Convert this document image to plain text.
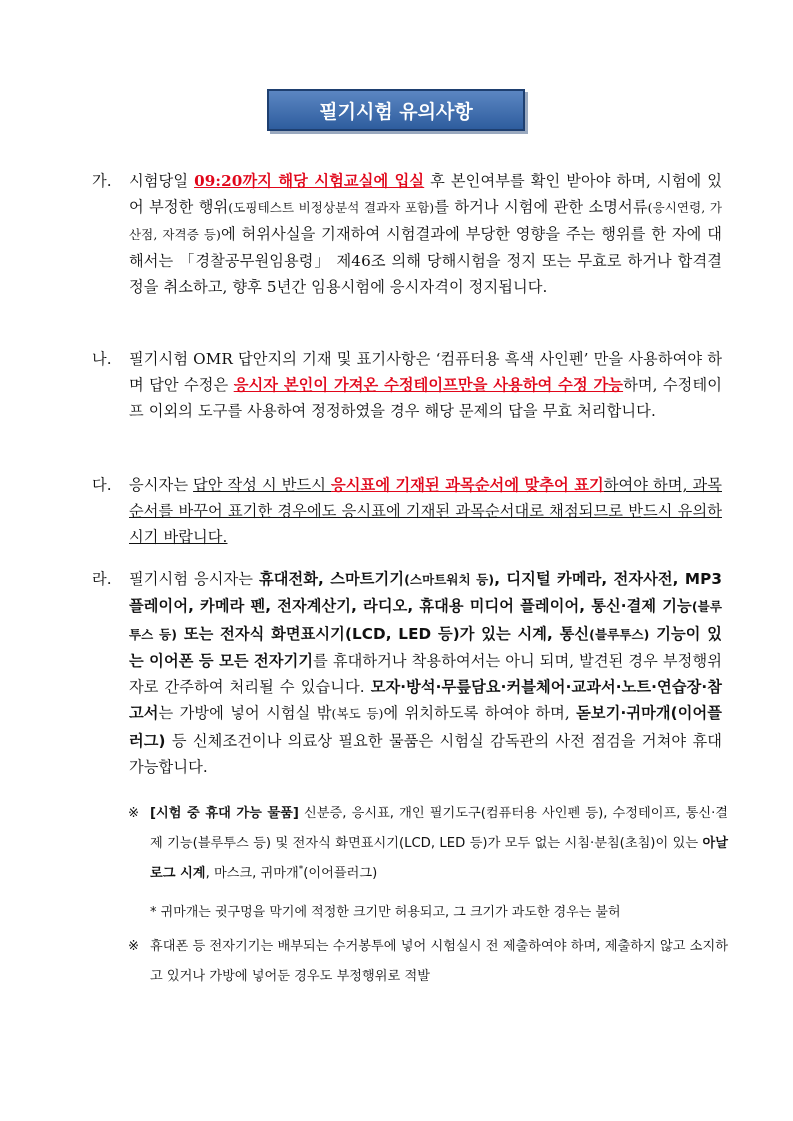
필기시험 유의사항
가. 시험당일 09:20까지 해당 시험교실에 입실 후 본인여부를 확인 받아야 하며, 시험에 있어 부정한 행위(도핑테스트 비정상분석 결과자 포함)를 하거나 시험에 관한 소명서류(응시연령, 가산점, 자격증 등)에 허위사실을 기재하여 시험결과에 부당한 영향을 주는 행위를 한 자에 대해서는 「경찰공무원임용령」 제46조 의해 당해시험을 정지 또는 무효로 하거나 합격결정을 취소하고, 향후 5년간 임용시험에 응시자격이 정지됩니다.
나. 필기시험 OMR 답안지의 기재 및 표기사항은 ‘컴퓨터용 흑색 사인펜’ 만을 사용하여야 하며 답안 수정은 응시자 본인이 가져온 수정테이프만을 사용하여 수정 가능하며, 수정테이프 이외의 도구를 사용하여 정정하였을 경우 해당 문제의 답을 무효 처리합니다.
다. 응시자는 답안 작성 시 반드시 응시표에 기재된 과목순서에 맞추어 표기하여야 하며, 과목순서를 바꾸어 표기한 경우에도 응시표에 기재된 과목순서대로 채점되므로 반드시 유의하시기 바랍니다.
라. 필기시험 응시자는 휴대전화, 스마트기기(스마트워치 등), 디지털 카메라, 전자사전, MP3플레이어, 카메라 펜, 전자계산기, 라디오, 휴대용 미디어 플레이어, 통신·결제 기능(블루투스 등) 또는 전자식 화면표시기(LCD, LED 등)가 있는 시계, 통신(블루투스) 기능이 있는 이어폰 등 모든 전자기기를 휴대하거나 착용하여서는 아니 되며, 발견된 경우 부정행위자로 간주하여 처리될 수 있습니다. 모자·방석·무릎담요·커블체어·교과서·노트·연습장·참고서는 가방에 넣어 시험실 밖(복도 등)에 위치하도록 하여야 하며, 돋보기·귀마개(이어플러그) 등 신체조건이나 의료상 필요한 물품은 시험실 감독관의 사전 점검을 거쳐야 휴대 가능합니다.
※ [시험 중 휴대 가능 물품] 신분증, 응시표, 개인 필기도구(컴퓨터용 사인펜 등), 수정테이프, 통신·결제 기능(블루투스 등) 및 전자식 화면표시기(LCD, LED 등)가 모두 없는 시침·분침(초침)이 있는 아날로그 시계, 마스크, 귀마개*(이어플러그)
* 귀마개는 귓구멍을 막기에 적정한 크기만 허용되고, 그 크기가 과도한 경우는 불허
※ 휴대폰 등 전자기기는 배부되는 수거봉투에 넣어 시험실시 전 제출하여야 하며, 제출하지 않고 소지하고 있거나 가방에 넣어둔 경우도 부정행위로 적발
